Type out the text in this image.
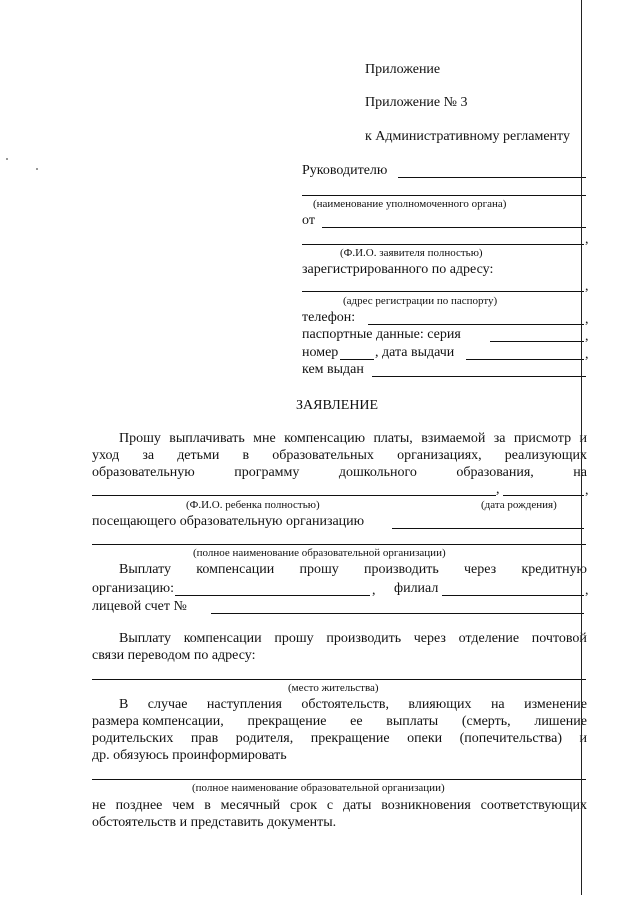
Приложение
Приложение № 3
к Административному регламенту
Руководителю
(наименование уполномоченного органа)
от
,
(Ф.И.О. заявителя полностью)
зарегистрированного по адресу:
,
(адрес регистрации по паспорту)
телефон:	,
паспортные данные: серия	,
номер	, дата выдачи	,
кем выдан
ЗАЯВЛЕНИЕ
Прошу выплачивать мне компенсацию платы, взимаемой за присмотр и
уход за детьми в образовательных организациях, реализующих
образовательную	программу	дошкольного	образования,	на
,	,
(Ф.И.О. ребенка полностью)	(дата рождения)
посещающего образовательную организацию
(полное наименование образовательной организации)
Выплату компенсации прошу производить через кредитную
организацию:	, филиал	,
лицевой счет №
Выплату компенсации прошу производить через отделение почтовой
связи переводом по адресу:
(место жительства)
В случае наступления обстоятельств, влияющих на изменение
размера компенсации, прекращение ее выплаты (смерть, лишение
родительских прав родителя, прекращение опеки (попечительства) и
др. обязуюсь проинформировать
(полное наименование образовательной организации)
не позднее чем в месячный срок с даты возникновения соответствующих
обстоятельств и представить документы.
